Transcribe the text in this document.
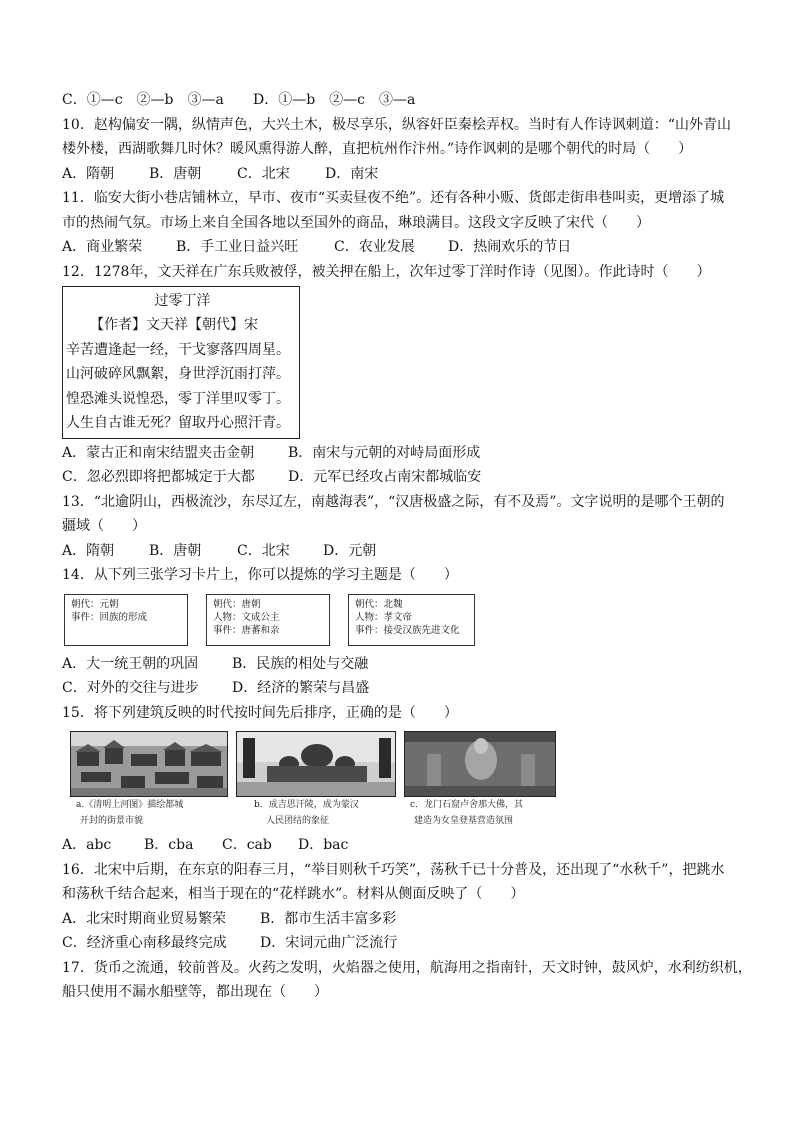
C．①—c　②—b　③—a	D．①—b　②—c　③—a
10．赵构偏安一隅，纵情声色，大兴土木，极尽享乐，纵容奸臣秦桧弄权。当时有人作诗讽刺道：“山外青山
楼外楼，西湖歌舞几时休？暖风熏得游人醉，直把杭州作汴州。”诗作讽刺的是哪个朝代的时局（　　）
A．隋朝	B．唐朝	C．北宋	D．南宋
11．临安大街小巷店铺林立，早市、夜市“买卖昼夜不绝”。还有各种小贩、货郎走街串巷叫卖，更增添了城
市的热闹气氛。市场上来自全国各地以至国外的商品，琳琅满目。这段文字反映了宋代（　　）
A．商业繁荣	B．手工业日益兴旺	C．农业发展	D．热闹欢乐的节日
12．1278年，文天祥在广东兵败被俘，被关押在船上，次年过零丁洋时作诗（见图）。作此诗时（　　）
过零丁洋
【作者】文天祥【朝代】宋
辛苦遭逢起一经，干戈寥落四周星。
山河破碎风飘絮，身世浮沉雨打萍。
惶恐滩头说惶恐，零丁洋里叹零丁。
人生自古谁无死？留取丹心照汗青。
A．蒙古正和南宋结盟夹击金朝	B．南宋与元朝的对峙局面形成
C．忽必烈即将把都城定于大都	D．元军已经攻占南宋都城临安
13．“北逾阴山，西极流沙，东尽辽左，南越海表”，“汉唐极盛之际，有不及焉”。文字说明的是哪个王朝的
疆域（　　）
A．隋朝	B．唐朝	C．北宋	D．元朝
14．从下列三张学习卡片上，你可以提炼的学习主题是（　　）
朝代：元朝
事件：回族的形成
朝代：唐朝
人物：文成公主
事件：唐蕃和亲
朝代：北魏
人物：孝文帝
事件：接受汉族先进文化
A．大一统王朝的巩固	B．民族的相处与交融
C．对外的交往与进步	D．经济的繁荣与昌盛
15．将下列建筑反映的时代按时间先后排序，正确的是（　　）
a.《清明上河图》描绘都城
开封的街景市貌
b．成吉思汗陵，成为蒙汉
人民团结的象征
c．龙门石窟卢舍那大佛，其
建造为女皇登基营造氛围
A．abc	B．cba	C．cab	D．bac
16．北宋中后期，在东京的阳春三月，“举目则秋千巧笑”，荡秋千已十分普及，还出现了“水秋千”，把跳水
和荡秋千结合起来，相当于现在的“花样跳水”。材料从侧面反映了（　　）
A．北宋时期商业贸易繁荣	B．都市生活丰富多彩
C．经济重心南移最终完成	D．宋词元曲广泛流行
17．货币之流通，较前普及。火药之发明，火焰器之使用，航海用之指南针，天文时钟，鼓风炉，水利纺织机，
船只使用不漏水船壁等，都出现在（　　）
